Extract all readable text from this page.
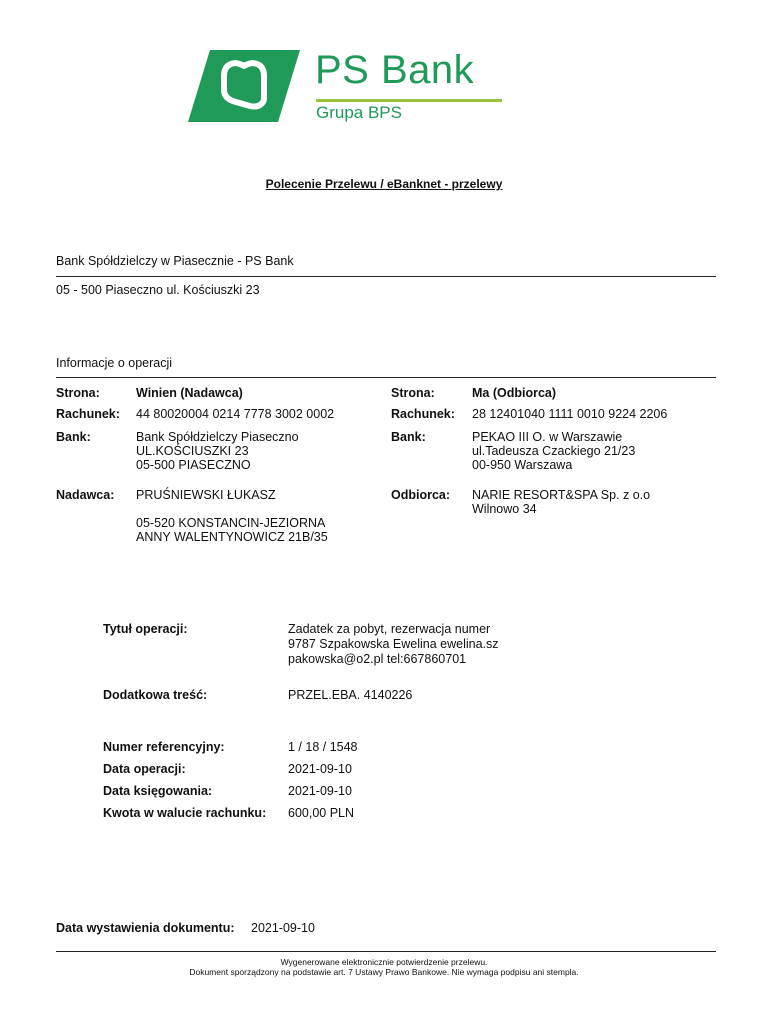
PS Bank
Grupa BPS
Polecenie Przelewu / eBanknet - przelewy
Bank Spółdzielczy w Piasecznie - PS Bank
05 - 500 Piaseczno ul. Kościuszki 23
Informacje o operacji
Strona:	Winien (Nadawca)
Rachunek: 44 80020004 0214 7778 3002 0002
Bank:	Bank Spółdzielczy Piaseczno
UL.KOŚCIUSZKI 23
05-500 PIASECZNO
Nadawca: PRUŚNIEWSKI ŁUKASZ
05-520 KONSTANCIN-JEZIORNA
ANNY WALENTYNOWICZ 21B/35
Strona:	Ma (Odbiorca)
Rachunek: 28 12401040 1111 0010 9224 2206
Bank:	PEKAO III O. w Warszawie
ul.Tadeusza Czackiego 21/23
00-950 Warszawa
Odbiorca: NARIE RESORT&SPA Sp. z o.o
Wilnowo 34
Tytuł operacji:	Zadatek za pobyt, rezerwacja numer
9787 Szpakowska Ewelina ewelina.sz
pakowska@o2.pl tel:667860701
Dodatkowa treść:	PRZEL.EBA. 4140226
Numer referencyjny:	1 / 18 / 1548
Data operacji:	2021-09-10
Data księgowania:	2021-09-10
Kwota w walucie rachunku: 600,00 PLN
Data wystawienia dokumentu: 2021-09-10
Wygenerowane elektronicznie potwierdzenie przelewu.
Dokument sporządzony na podstawie art. 7 Ustawy Prawo Bankowe. Nie wymaga podpisu ani stempla.
